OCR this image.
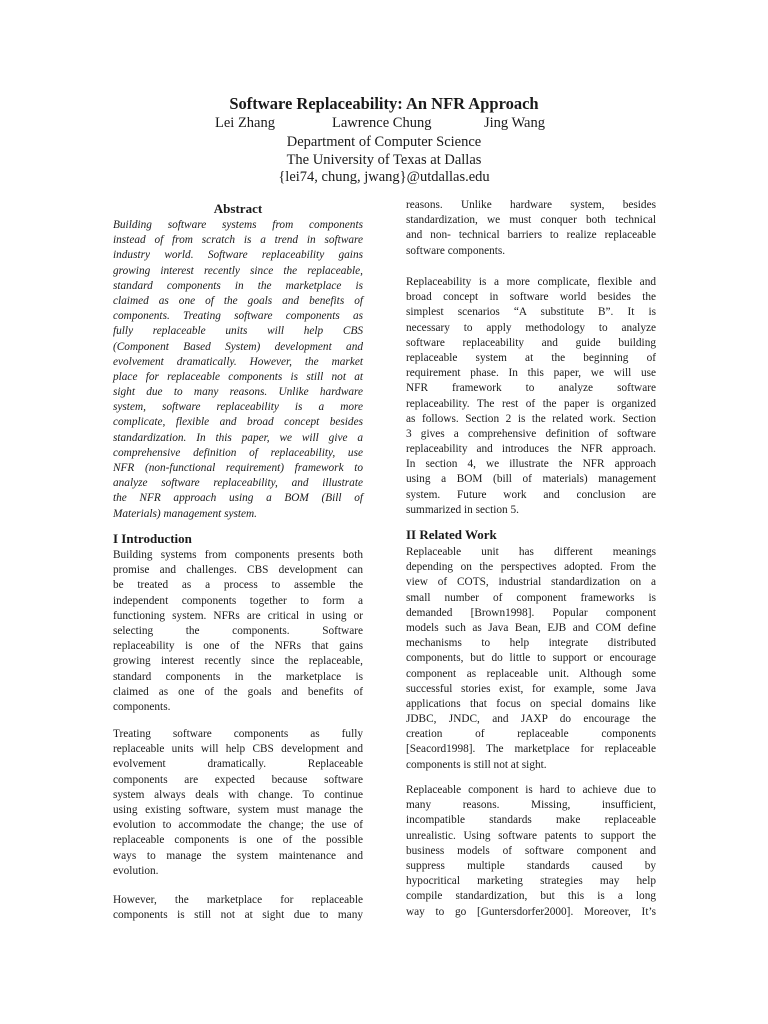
Software Replaceability: An NFR Approach
Lei Zhang	Lawrence Chung	Jing Wang
Department of Computer Science
The University of Texas at Dallas
{lei74, chung, jwang}@utdallas.edu
Abstract
Building software systems from components
instead of from scratch is a trend in software
industry world. Software replaceability gains
growing interest recently since the replaceable,
standard components in the marketplace is
claimed as one of the goals and benefits of
components. Treating software components as
fully replaceable units will help CBS
(Component Based System) development and
evolvement dramatically. However, the market
place for replaceable components is still not at
sight due to many reasons. Unlike hardware
system, software replaceability is a more
complicate, flexible and broad concept besides
standardization. In this paper, we will give a
comprehensive definition of replaceability, use
NFR (non-functional requirement) framework to
analyze software replaceability, and illustrate
the NFR approach using a BOM (Bill of
Materials) management system.
I Introduction
Building systems from components presents both
promise and challenges. CBS development can
be treated as a process to assemble the
independent components together to form a
functioning system. NFRs are critical in using or
selecting the components. Software
replaceability is one of the NFRs that gains
growing interest recently since the replaceable,
standard components in the marketplace is
claimed as one of the goals and benefits of
components.
Treating software components as fully
replaceable units will help CBS development and
evolvement dramatically. Replaceable
components are expected because software
system always deals with change. To continue
using existing software, system must manage the
evolution to accommodate the change; the use of
replaceable components is one of the possible
ways to manage the system maintenance and
evolution.
However, the marketplace for replaceable
components is still not at sight due to many
reasons. Unlike hardware system, besides
standardization, we must conquer both technical
and non- technical barriers to realize replaceable
software components.
Replaceability is a more complicate, flexible and
broad concept in software world besides the
simplest scenarios “A substitute B”. It is
necessary to apply methodology to analyze
software replaceability and guide building
replaceable system at the beginning of
requirement phase. In this paper, we will use
NFR framework to analyze software
replaceability. The rest of the paper is organized
as follows. Section 2 is the related work. Section
3 gives a comprehensive definition of software
replaceability and introduces the NFR approach.
In section 4, we illustrate the NFR approach
using a BOM (bill of materials) management
system. Future work and conclusion are
summarized in section 5.
II Related Work
Replaceable unit has different meanings
depending on the perspectives adopted. From the
view of COTS, industrial standardization on a
small number of component frameworks is
demanded [Brown1998]. Popular component
models such as Java Bean, EJB and COM define
mechanisms to help integrate distributed
components, but do little to support or encourage
component as replaceable unit. Although some
successful stories exist, for example, some Java
applications that focus on special domains like
JDBC, JNDC, and JAXP do encourage the
creation of replaceable components
[Seacord1998]. The marketplace for replaceable
components is still not at sight.
Replaceable component is hard to achieve due to
many reasons. Missing, insufficient,
incompatible standards make replaceable
unrealistic. Using software patents to support the
business models of software component and
suppress multiple standards caused by
hypocritical marketing strategies may help
compile standardization, but this is a long
way to go [Guntersdorfer2000]. Moreover, It’s
